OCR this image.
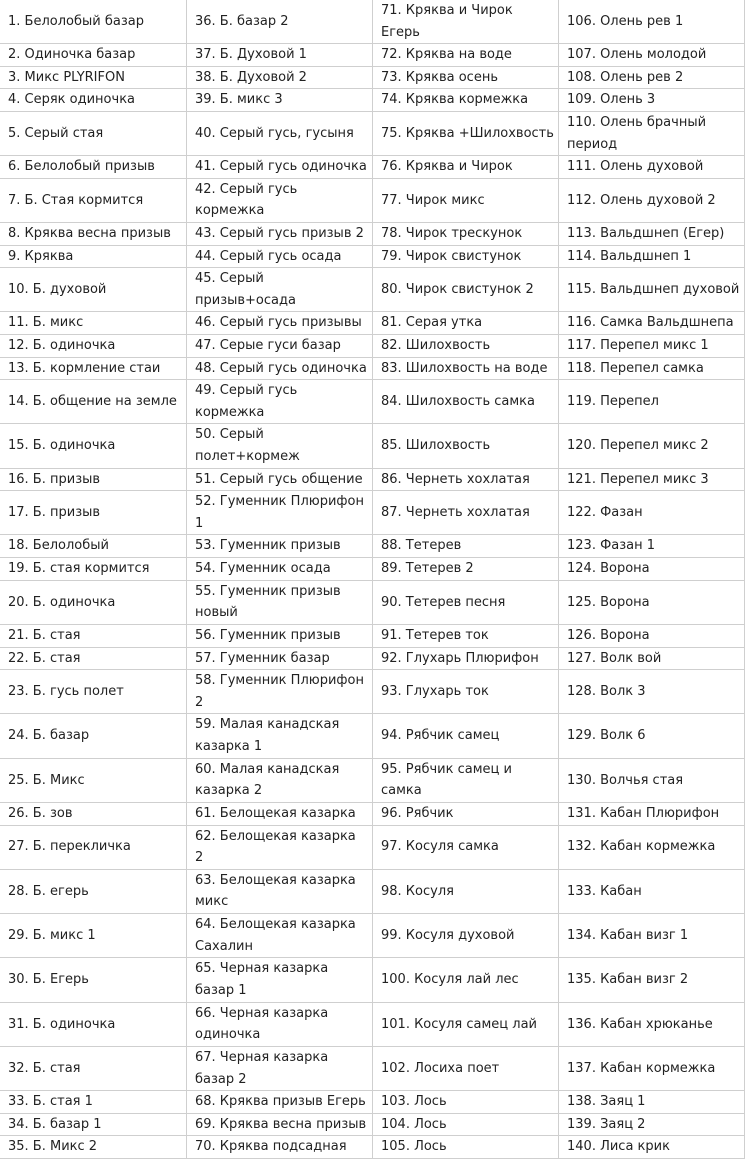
1. Белолобый базар	36. Б. базар 2	71. Кряква и Чирок Егерь	106. Олень рев 1
2. Одиночка базар	37. Б. Духовой 1	72. Кряква на воде	107. Олень молодой
3. Микс PLYRIFON	38. Б. Духовой 2	73. Кряква осень	108. Олень рев 2
4. Серяк одиночка	39. Б. микс 3	74. Кряква кормежка	109. Олень 3
5. Серый стая	40. Серый гусь, гусыня	75. Кряква +Шилохвость	110. Олень брачный период
6. Белолобый призыв	41. Серый гусь одиночка	76. Кряква и Чирок	111. Олень духовой
7. Б. Стая кормится	42. Серый гусь кормежка	77. Чирок микс	112. Олень духовой 2
8. Кряква весна призыв	43. Серый гусь призыв 2	78. Чирок трескунок	113. Вальдшнеп (Егер)
9. Кряква	44. Серый гусь осада	79. Чирок свистунок	114. Вальдшнеп 1
10. Б. духовой	45. Серый призыв+осада	80. Чирок свистунок 2	115. Вальдшнеп духовой
11. Б. микс	46. Серый гусь призывы	81. Серая утка	116. Самка Вальдшнепа
12. Б. одиночка	47. Серые гуси базар	82. Шилохвость	117. Перепел микс 1
13. Б. кормление стаи	48. Серый гусь одиночка	83. Шилохвость на воде	118. Перепел самка
14. Б. общение на земле	49. Серый гусь кормежка	84. Шилохвость самка	119. Перепел
15. Б. одиночка	50. Серый полет+кормеж	85. Шилохвость	120. Перепел микс 2
16. Б. призыв	51. Серый гусь общение	86. Чернеть хохлатая	121. Перепел микс 3
17. Б. призыв	52. Гуменник Плюрифон 1	87. Чернеть хохлатая	122. Фазан
18. Белолобый	53. Гуменник призыв	88. Тетерев	123. Фазан 1
19. Б. стая кормится	54. Гуменник осада	89. Тетерев 2	124. Ворона
20. Б. одиночка	55. Гуменник призыв новый	90. Тетерев песня	125. Ворона
21. Б. стая	56. Гуменник призыв	91. Тетерев ток	126. Ворона
22. Б. стая	57. Гуменник базар	92. Глухарь Плюрифон	127. Волк вой
23. Б. гусь полет	58. Гуменник Плюрифон 2	93. Глухарь ток	128. Волк 3
24. Б. базар	59. Малая канадская казарка 1	94. Рябчик самец	129. Волк 6
25. Б. Микс	60. Малая канадская казарка 2	95. Рябчик самец и самка	130. Волчья стая
26. Б. зов	61. Белощекая казарка	96. Рябчик	131. Кабан Плюрифон
27. Б. перекличка	62. Белощекая казарка 2	97. Косуля самка	132. Кабан кормежка
28. Б. егерь	63. Белощекая казарка микс	98. Косуля	133. Кабан
29. Б. микс 1	64. Белощекая казарка Сахалин	99. Косуля духовой	134. Кабан визг 1
30. Б. Егерь	65. Черная казарка базар 1	100. Косуля лай лес	135. Кабан визг 2
31. Б. одиночка	66. Черная казарка одиночка	101. Косуля самец лай	136. Кабан хрюканье
32. Б. стая	67. Черная казарка базар 2	102. Лосиха поет	137. Кабан кормежка
33. Б. стая 1	68. Кряква призыв Егерь	103. Лось	138. Заяц 1
34. Б. базар 1	69. Кряква весна призыв	104. Лось	139. Заяц 2
35. Б. Микс 2	70. Кряква подсадная	105. Лось	140. Лиса крик
